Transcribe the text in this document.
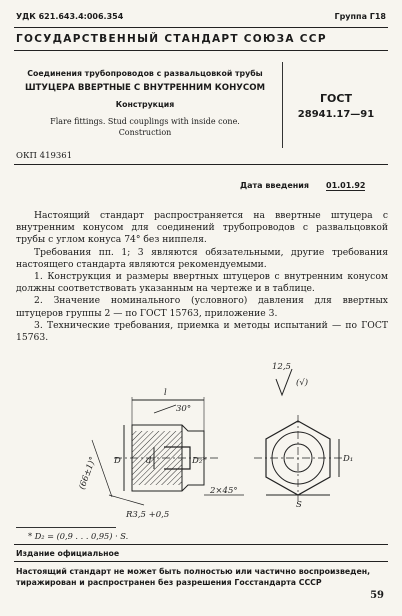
УДК 621.643.4:006.354	Группа Г18
ГОСУДАРСТВЕННЫЙ СТАНДАРТ СОЮЗА ССР
Соединения трубопроводов с развальцовкой трубы
ШТУЦЕРА ВВЕРТНЫЕ С ВНУТРЕННИМ КОНУСОМ
Конструкция
Flare fittings. Stud couplings with inside cone.
Construction
ГОСТ
28941.17—91
ОКП 419361
Дата введения 01.01.92

Настоящий стандарт распространяется на ввертные штуцера с внутренним конусом для соединений трубопроводов с развальцовкой трубы с углом конуса 74° без ниппеля.

Требования пп. 1; 3 являются обязательными, другие требования настоящего стандарта являются рекомендуемыми.

1. Конструкция и размеры ввертных штуцеров с внутренним конусом должны соответствовать указанным на чертеже и в таблице.

2. Значение номинального (условного) давления для ввертных штуцеров группы 2 — по ГОСТ 15763, приложение 3.

3. Технические требования, приемка и методы испытаний — по ГОСТ 15763.

12,5
(√)
l
30°
D	d	D₂*
(66±1)°
R3,5 +0,5
2×45°
D₁
S
* D₂ = (0,9 . . . 0,95) · S.
Издание официальное
Настоящий стандарт не может быть полностью или частично воспроизведен, тиражирован и распространен без разрешения Госстандарта СССР
59
